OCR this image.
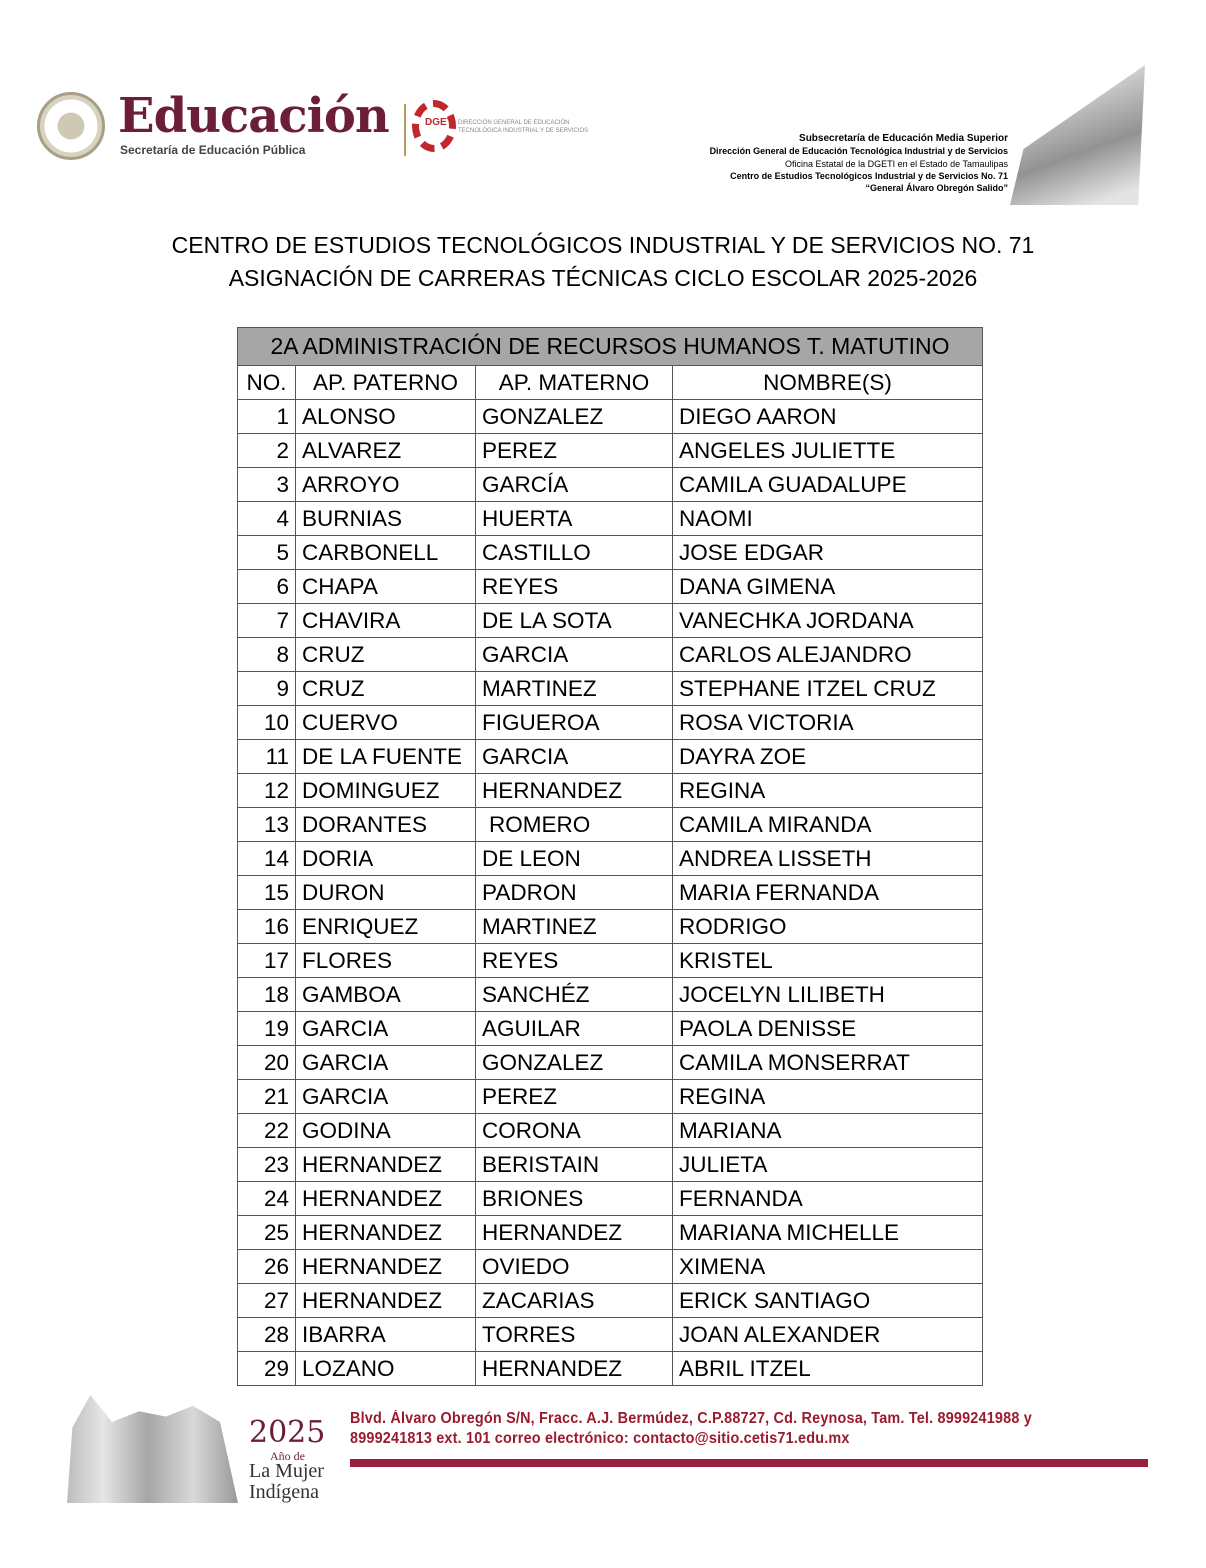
Educación
Secretaría de Educación Pública
DGETI DIRECCIÓN GENERAL DE EDUCACIÓN TECNOLÓGICA INDUSTRIAL Y DE SERVICIOS
Subsecretaría de Educación Media Superior
Dirección General de Educación Tecnológica Industrial y de Servicios
Oficina Estatal de la DGETI en el Estado de Tamaulipas
Centro de Estudios Tecnológicos Industrial y de Servicios No. 71
“General Álvaro Obregón Salido”
CENTRO DE ESTUDIOS TECNOLÓGICOS INDUSTRIAL Y DE SERVICIOS NO. 71
ASIGNACIÓN DE CARRERAS TÉCNICAS CICLO ESCOLAR 2025-2026
2A ADMINISTRACIÓN DE RECURSOS HUMANOS T. MATUTINO			
NO.	AP. PATERNO	AP. MATERNO	NOMBRE(S)
1	ALONSO	GONZALEZ	DIEGO AARON
2	ALVAREZ	PEREZ	ANGELES JULIETTE
3	ARROYO	GARCÍA	CAMILA GUADALUPE
4	BURNIAS	HUERTA	NAOMI
5	CARBONELL	CASTILLO	JOSE EDGAR
6	CHAPA	REYES	DANA GIMENA
7	CHAVIRA	DE LA SOTA	VANECHKA JORDANA
8	CRUZ	GARCIA	CARLOS ALEJANDRO
9	CRUZ	MARTINEZ	STEPHANE ITZEL CRUZ
10	CUERVO	FIGUEROA	ROSA VICTORIA
11	DE LA FUENTE	GARCIA	DAYRA ZOE
12	DOMINGUEZ	HERNANDEZ	REGINA
13	DORANTES	ROMERO	CAMILA MIRANDA
14	DORIA	DE LEON	ANDREA LISSETH
15	DURON	PADRON	MARIA FERNANDA
16	ENRIQUEZ	MARTINEZ	RODRIGO
17	FLORES	REYES	KRISTEL
18	GAMBOA	SANCHÉZ	JOCELYN LILIBETH
19	GARCIA	AGUILAR	PAOLA DENISSE
20	GARCIA	GONZALEZ	CAMILA MONSERRAT
21	GARCIA	PEREZ	REGINA
22	GODINA	CORONA	MARIANA
23	HERNANDEZ	BERISTAIN	JULIETA
24	HERNANDEZ	BRIONES	FERNANDA
25	HERNANDEZ	HERNANDEZ	MARIANA MICHELLE
26	HERNANDEZ	OVIEDO	XIMENA
27	HERNANDEZ	ZACARIAS	ERICK SANTIAGO
28	IBARRA	TORRES	JOAN ALEXANDER
29	LOZANO	HERNANDEZ	ABRIL ITZEL
2025
Año de
La Mujer Indígena
Blvd. Álvaro Obregón S/N, Fracc. A.J. Bermúdez, C.P.88727, Cd. Reynosa, Tam. Tel. 8999241988 y
8999241813 ext. 101 correo electrónico: contacto@sitio.cetis71.edu.mx
